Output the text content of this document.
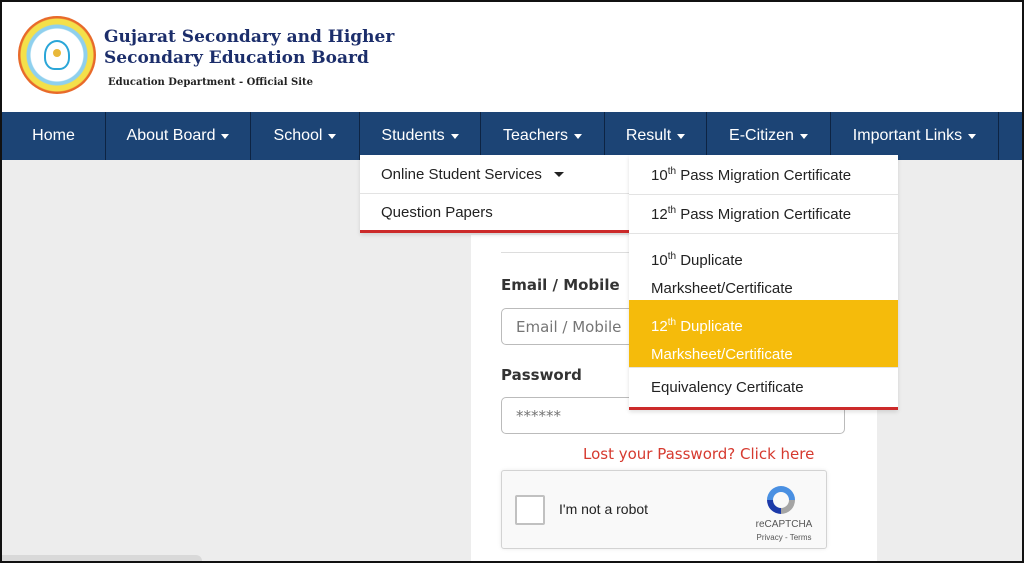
Gujarat Secondary and Higher
Secondary Education Board
Education Department - Official Site
Home	About Board	School	Students	Teachers	Result	E-Citizen	Important Links
Email / Mobile
Email / Mobile
Password
******
Lost your Password? Click here
I'm not a robot
reCAPTCHA
Privacy - Terms
Online Student Services
Question Papers
10th Pass Migration Certificate
12th Pass Migration Certificate
10th Duplicate
Marksheet/Certificate
12th Duplicate
Marksheet/Certificate
Equivalency Certificate
